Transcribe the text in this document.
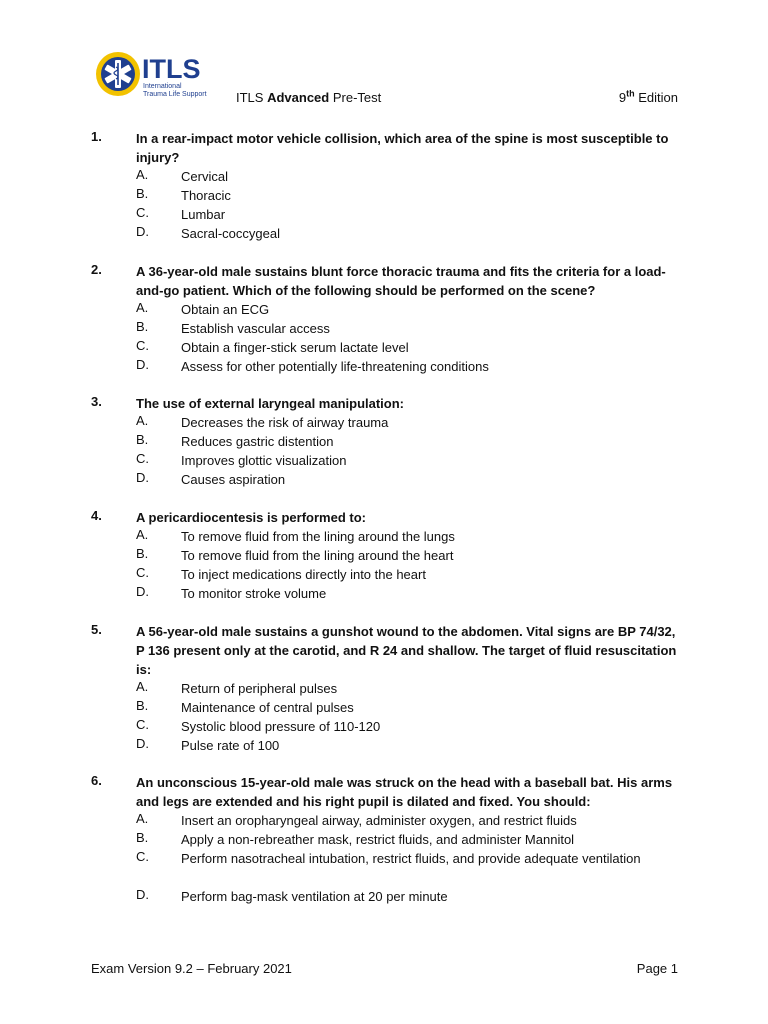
ITLS
International
Trauma Life Support ITLS Advanced Pre-Test	9th Edition
1.	In a rear-impact motor vehicle collision, which area of the spine is most susceptible to injury?
A.	Cervical
B.	Thoracic
C. Lumbar
D. Sacral-coccygeal
2.	A 36-year-old male sustains blunt force thoracic trauma and fits the criteria for a load-and-go patient. Which of the following should be performed on the scene?
A.	Obtain an ECG
B.	Establish vascular access
C. Obtain a finger-stick serum lactate level
D. Assess for other potentially life-threatening conditions
3.	The use of external laryngeal manipulation:
A.	Decreases the risk of airway trauma
B.	Reduces gastric distention
C. Improves glottic visualization
D. Causes aspiration
4.	A pericardiocentesis is performed to:
A.	To remove fluid from the lining around the lungs
B.	To remove fluid from the lining around the heart
C. To inject medications directly into the heart
D. To monitor stroke volume
5.	A 56-year-old male sustains a gunshot wound to the abdomen. Vital signs are BP 74/32, P 136 present only at the carotid, and R 24 and shallow. The target of fluid resuscitation is:
A.	Return of peripheral pulses
B.	Maintenance of central pulses
C. Systolic blood pressure of 110-120
D. Pulse rate of 100
6.	An unconscious 15-year-old male was struck on the head with a baseball bat. His arms and legs are extended and his right pupil is dilated and fixed. You should:
A.	Insert an oropharyngeal airway, administer oxygen, and restrict fluids
B.	Apply a non-rebreather mask, restrict fluids, and administer Mannitol
C. Perform nasotracheal intubation, restrict fluids, and provide adequate ventilation
D. Perform bag-mask ventilation at 20 per minute
Exam Version 9.2 – February 2021	Page 1
